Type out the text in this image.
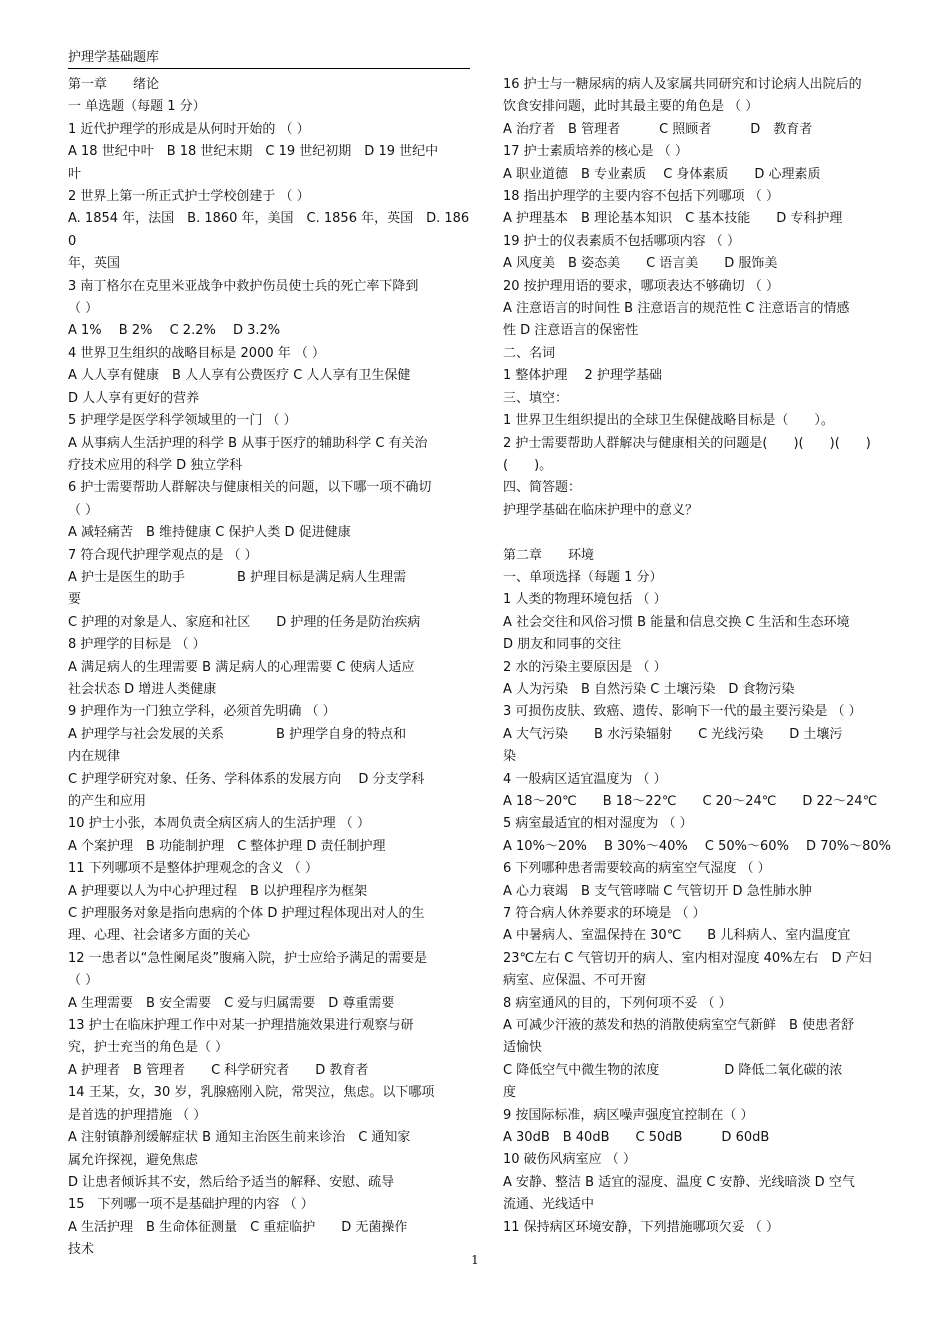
护理学基础题库
第一章　　绪论
一 单选题（每题 1 分）
1 近代护理学的形成是从何时开始的 （ ）
A 18 世纪中叶　B 18 世纪末期　C 19 世纪初期　D 19 世纪中
叶
2 世界上第一所正式护士学校创建于 （ ）
A. 1854 年，法国　B. 1860 年，美国　C. 1856 年，英国　D. 1860
年，英国
3 南丁格尔在克里米亚战争中救护伤员使士兵的死亡率下降到
（ ）
A 1%　 B 2%　 C 2.2%　 D 3.2%
4 世界卫生组织的战略目标是 2000 年 （ ）
A 人人享有健康　B 人人享有公费医疗 C 人人享有卫生保健
D 人人享有更好的营养
5 护理学是医学科学领域里的一门 （ ）
A 从事病人生活护理的科学 B 从事于医疗的辅助科学 C 有关治
疗技术应用的科学 D 独立学科
6 护士需要帮助人群解决与健康相关的问题，以下哪一项不确切
（ ）
A 减轻痛苦　B 维持健康 C 保护人类 D 促进健康
7 符合现代护理学观点的是 （ ）
A 护士是医生的助手　　　　B 护理目标是满足病人生理需
要
C 护理的对象是人、家庭和社区　　D 护理的任务是防治疾病
8 护理学的目标是 （ ）
A 满足病人的生理需要 B 满足病人的心理需要 C 使病人适应
社会状态 D 增进人类健康
9 护理作为一门独立学科，必须首先明确 （ ）
A 护理学与社会发展的关系　　　　B 护理学自身的特点和
内在规律
C 护理学研究对象、任务、学科体系的发展方向　 D 分支学科
的产生和应用
10 护士小张，本周负责全病区病人的生活护理 （ ）
A 个案护理　B 功能制护理　C 整体护理 D 责任制护理
11 下列哪项不是整体护理观念的含义 （ ）
A 护理要以人为中心护理过程　B 以护理程序为框架
C 护理服务对象是指向患病的个体 D 护理过程体现出对人的生
理、心理、社会诸多方面的关心
12 一患者以“急性阑尾炎”腹痛入院，护士应给予满足的需要是
（ ）
A 生理需要　B 安全需要　C 爱与归属需要　D 尊重需要
13 护士在临床护理工作中对某一护理措施效果进行观察与研
究，护士充当的角色是（ ）
A 护理者　B 管理者　　C 科学研究者　　D 教育者
14 王某，女，30 岁，乳腺癌刚入院，常哭泣，焦虑。以下哪项
是首选的护理措施 （ ）
A 注射镇静剂缓解症状 B 通知主治医生前来诊治　C 通知家
属允许探视，避免焦虑
D 让患者倾诉其不安，然后给予适当的解释、安慰、疏导
15　下列哪一项不是基础护理的内容 （ ）
A 生活护理　B 生命体征测量　C 重症临护　　D 无菌操作
技术
16 护士与一糖尿病的病人及家属共同研究和讨论病人出院后的
饮食安排问题，此时其最主要的角色是 （ ）
A 治疗者　B 管理者　　　C 照顾者　　　D　教育者
17 护士素质培养的核心是 （ ）
A 职业道德　B 专业素质　 C 身体素质　　D 心理素质
18 指出护理学的主要内容不包括下列哪项 （ ）
A 护理基本　B 理论基本知识　C 基本技能　　D 专科护理
19 护士的仪表素质不包括哪项内容 （ ）
A 风度美　B 姿态美　　C 语言美　　D 服饰美
20 按护理用语的要求，哪项表达不够确切 （ ）
A 注意语言的时间性 B 注意语言的规范性 C 注意语言的情感
性 D 注意语言的保密性
二、名词
1 整体护理　 2 护理学基础
三、填空：
1 世界卫生组织提出的全球卫生保健战略目标是（　　）。
2 护士需要帮助人群解决与健康相关的问题是(　　)(　　)(　　)
(　　)。
四、简答题：
护理学基础在临床护理中的意义？
第二章　　环境
一、单项选择（每题 1 分）
1 人类的物理环境包括 （ ）
A 社会交往和风俗习惯 B 能量和信息交换 C 生活和生态环境
D 朋友和同事的交往
2 水的污染主要原因是 （ ）
A 人为污染　B 自然污染 C 土壤污染　D 食物污染
3 可损伤皮肤、致癌、遗传、影响下一代的最主要污染是 （ ）
A 大气污染　　B 水污染辐射　　C 光线污染　　D 土壤污
染
4 一般病区适宜温度为 （ ）
A 18～20℃　　B 18～22℃　　C 20～24℃　　D 22～24℃
5 病室最适宜的相对湿度为 （ ）
A 10%～20%　 B 30%～40%　 C 50%～60%　 D 70%～80%
6 下列哪种患者需要较高的病室空气湿度 （ ）
A 心力衰竭　B 支气管哮喘 C 气管切开 D 急性肺水肿
7 符合病人休养要求的环境是 （ ）
A 中暑病人、室温保持在 30℃　　B 儿科病人、室内温度宜
23℃左右 C 气管切开的病人、室内相对湿度 40%左右　D 产妇
病室、应保温、不可开窗
8 病室通风的目的，下列何项不妥 （ ）
A 可减少汗液的蒸发和热的消散使病室空气新鲜　B 使患者舒
适愉快
C 降低空气中微生物的浓度　　　　　D 降低二氧化碳的浓
度
9 按国际标准，病区噪声强度宜控制在（ ）
A 30dB　B 40dB　　C 50dB　　　D 60dB
10 破伤风病室应 （ ）
A 安静、整洁 B 适宜的湿度、温度 C 安静、光线暗淡 D 空气
流通、光线适中
11 保持病区环境安静，下列措施哪项欠妥 （ ）
1
